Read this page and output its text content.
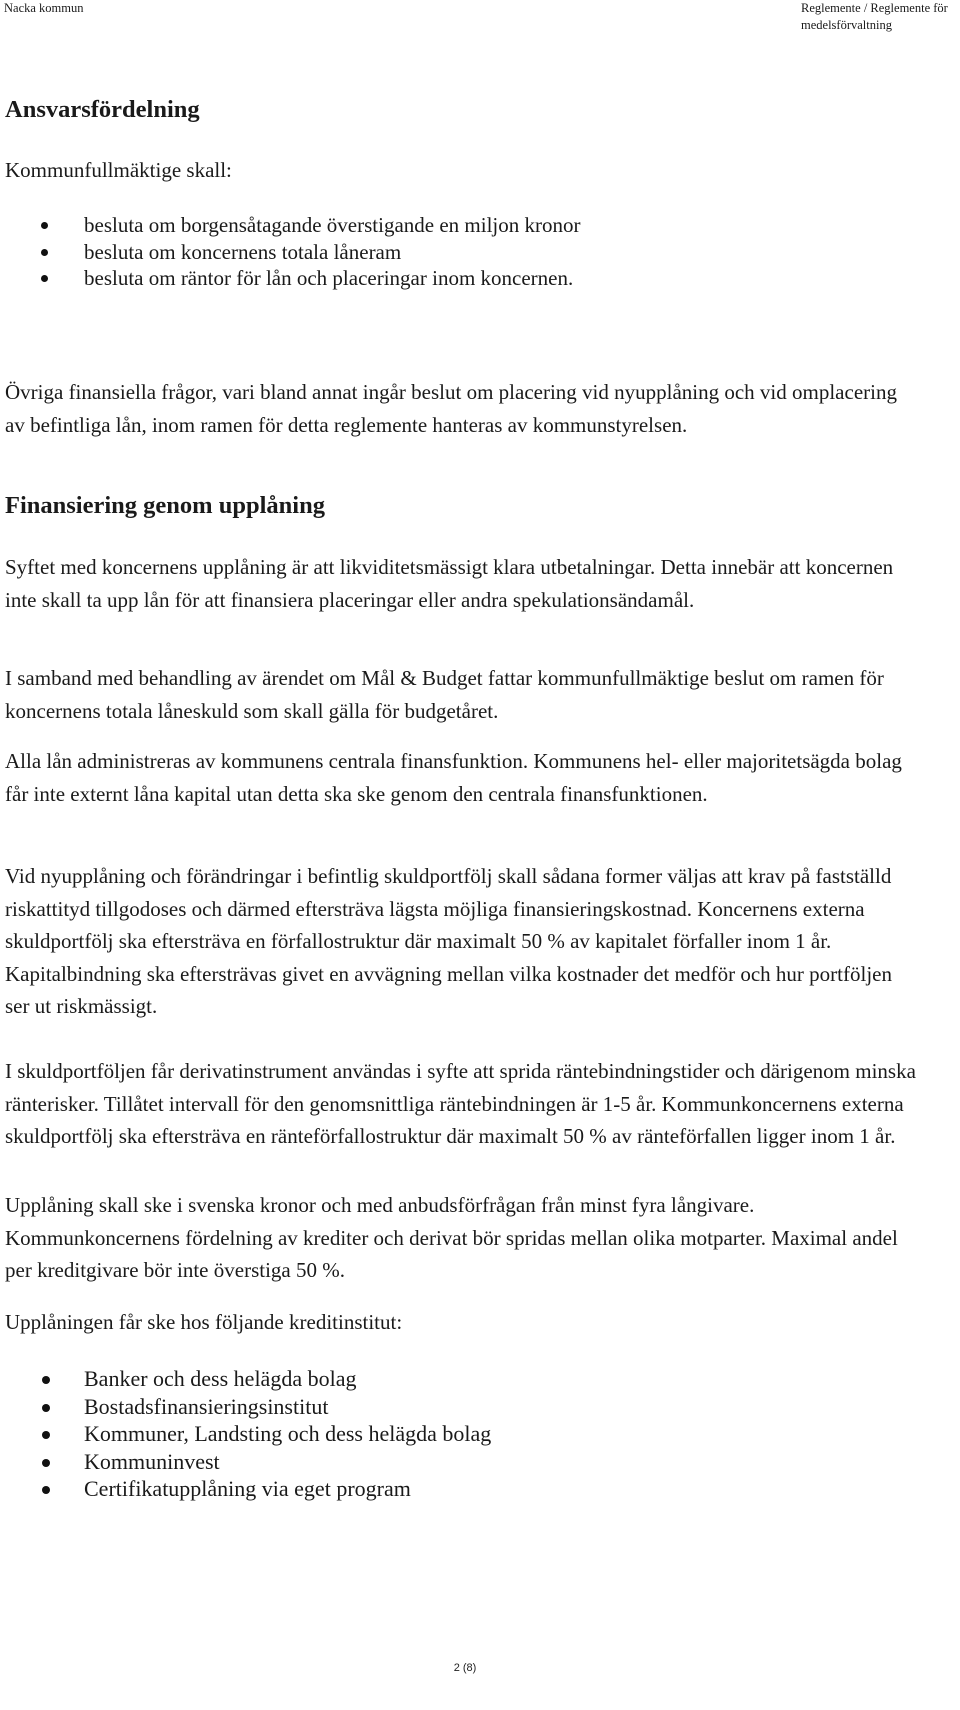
Nacka kommun	Reglemente / Reglemente för medelsförvaltning
Ansvarsfördelning

Kommunfullmäktige skall:

besluta om borgensåtagande överstigande en miljon kronor
besluta om koncernens totala låneram
besluta om räntor för lån och placeringar inom koncernen.

Övriga finansiella frågor, vari bland annat ingår beslut om placering vid nyupplåning och vid omplacering av befintliga lån, inom ramen för detta reglemente hanteras av kommunstyrelsen.

Finansiering genom upplåning

Syftet med koncernens upplåning är att likviditetsmässigt klara utbetalningar. Detta innebär att koncernen inte skall ta upp lån för att finansiera placeringar eller andra spekulationsändamål.

I samband med behandling av ärendet om Mål & Budget fattar kommunfullmäktige beslut om ramen för koncernens totala låneskuld som skall gälla för budgetåret.

Alla lån administreras av kommunens centrala finansfunktion. Kommunens hel- eller majoritetsägda bolag får inte externt låna kapital utan detta ska ske genom den centrala finansfunktionen.

Vid nyupplåning och förändringar i befintlig skuldportfölj skall sådana former väljas att krav på fastställd riskattityd tillgodoses och därmed eftersträva lägsta möjliga finansieringskostnad. Koncernens externa skuldportfölj ska eftersträva en förfallostruktur där maximalt 50 % av kapitalet förfaller inom 1 år. Kapitalbindning ska eftersträvas givet en avvägning mellan vilka kostnader det medför och hur portföljen ser ut riskmässigt.

I skuldportföljen får derivatinstrument användas i syfte att sprida räntebindningstider och därigenom minska ränterisker. Tillåtet intervall för den genomsnittliga räntebindningen är 1-5 år. Kommunkoncernens externa skuldportfölj ska eftersträva en ränteförfallostruktur där maximalt 50 % av ränteförfallen ligger inom 1 år.

Upplåning skall ske i svenska kronor och med anbudsförfrågan från minst fyra långivare. Kommunkoncernens fördelning av krediter och derivat bör spridas mellan olika motparter. Maximal andel per kreditgivare bör inte överstiga 50 %.

Upplåningen får ske hos följande kreditinstitut:

Banker och dess helägda bolag
Bostadsfinansieringsinstitut
Kommuner, Landsting och dess helägda bolag
Kommuninvest
Certifikatupplåning via eget program
2 (8)
